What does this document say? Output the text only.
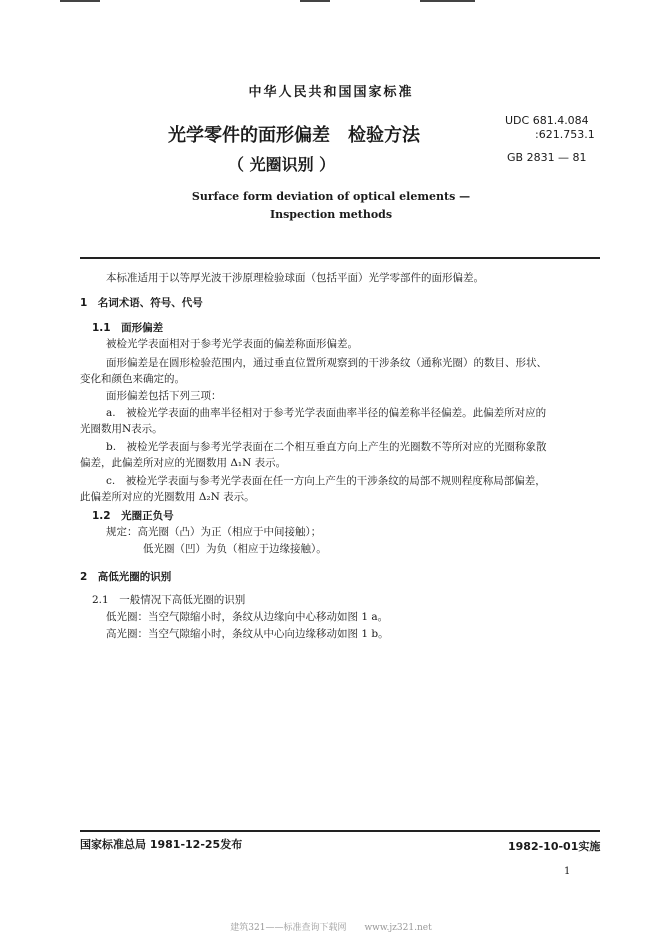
中华人民共和国国家标准
光学零件的面形偏差　检验方法
（ 光圈识别 ）
UDC 681.4.084
:621.753.1
GB 2831 — 81
Surface form deviation of optical elements —
Inspection methods
本标准适用于以等厚光波干涉原理检验球面（包括平面）光学零部件的面形偏差。
1　名词术语、符号、代号
1.1　面形偏差
被检光学表面相对于参考光学表面的偏差称面形偏差。
面形偏差是在圆形检验范围内，通过垂直位置所观察到的干涉条纹（通称光圈）的数目、形状、
变化和颜色来确定的。
面形偏差包括下列三项：
a.　被检光学表面的曲率半径相对于参考光学表面曲率半径的偏差称半径偏差。此偏差所对应的
光圈数用N表示。
b.　被检光学表面与参考光学表面在二个相互垂直方向上产生的光圈数不等所对应的光圈称象散
偏差，此偏差所对应的光圈数用 Δ₁N 表示。
c.　被检光学表面与参考光学表面在任一方向上产生的干涉条纹的局部不规则程度称局部偏差，
此偏差所对应的光圈数用 Δ₂N 表示。
1.2　光圈正负号
规定：高光圈（凸）为正（相应于中间接触）；
低光圈（凹）为负（相应于边缘接触）。
2　高低光圈的识别
2.1　一般情况下高低光圈的识别
低光圈：当空气隙缩小时，条纹从边缘向中心移动如图 1 a。
高光圈：当空气隙缩小时，条纹从中心向边缘移动如图 1 b。
国家标准总局 1981-12-25发布	1982-10-01实施
1
建筑321——标准查询下载网　　www.jz321.net
